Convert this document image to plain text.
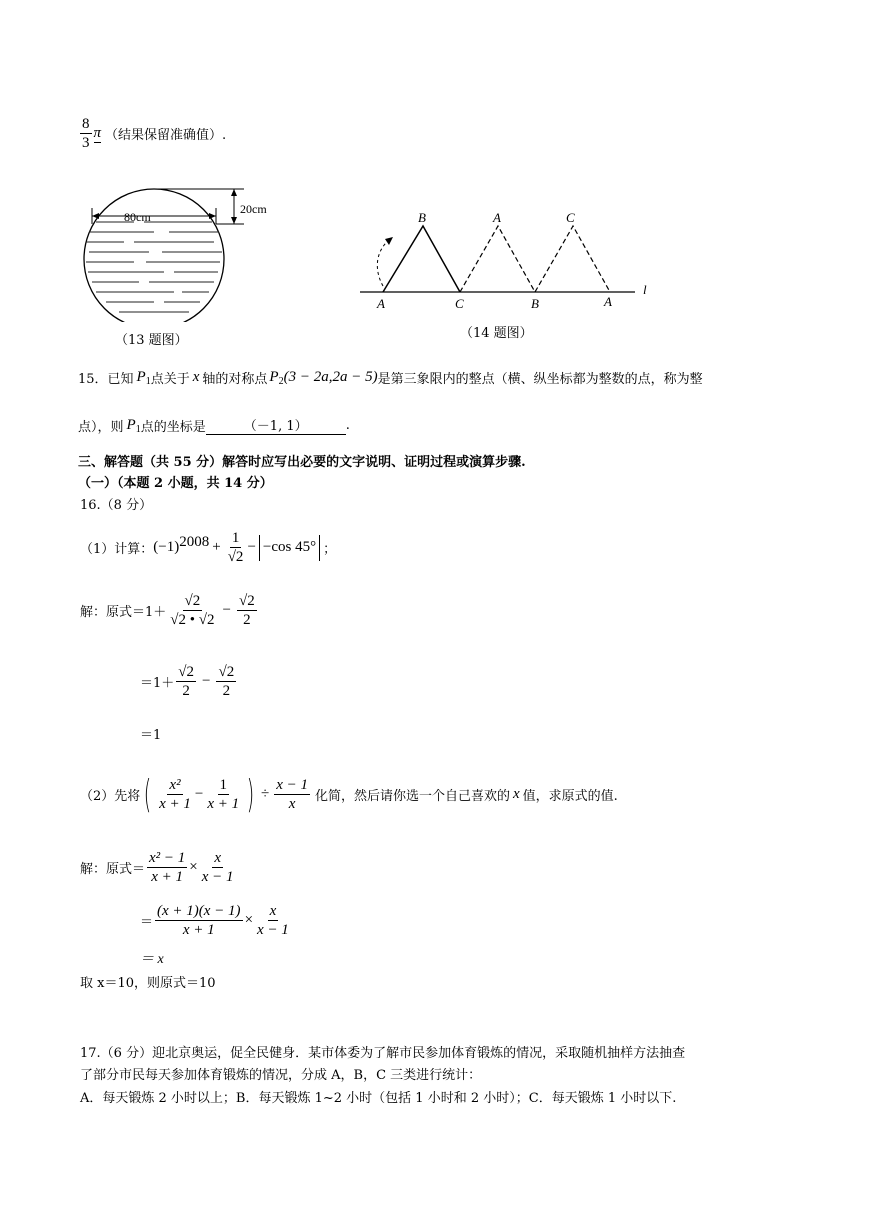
$\frac{8}{3}$ π （结果保留准确值）.
80cm
20cm
（13 题图）
B	A	C
A	C	B	A
l
（14 题图）
15．已知 P 1 点关于 x 轴的对称点 P 2 (3 − 2a,2a − 5) 是第三象限内的整点（横、纵坐标都为整数的点，称为整
点），则 P 1 点的坐标是	（－1, 1）	.
三、解答题（共 55 分）解答时应写出必要的文字说明、证明过程或演算步骤.
（一）（本题 2 小题，共 14 分）
16.（8 分）
（1）计算： (−1) $2008 + \frac{1}{√2} - -\cos$ 45° ；
解：原式$=1+ \frac{√2}{√2 • √2} - \frac{√2}{2}$
$=1+ \frac{√2}{2} - \frac{√2}{2}$
＝1
（2）先将 ( $\frac{\text{x²}}{x + 1} - \frac{1}{x + 1}$ ) ÷ $\frac{x - 1}{x}$ 化简，然后请你选一个自己喜欢的 x 值，求原式的值.
解：原式＝ $\frac{\text{x² − 1}}{x + 1} \times \frac{x}{x - 1}$
＝ $\frac{(x + 1)(x - 1)}{x + 1} \times \frac{x}{x - 1}$
＝ x
取 x＝10，则原式＝10
17.（6 分）迎北京奥运，促全民健身．某市体委为了解市民参加体育锻炼的情况，采取随机抽样方法抽查
了部分市民每天参加体育锻炼的情况，分成 A，B，C 三类进行统计：
A．每天锻炼 2 小时以上；B．每天锻炼 1~2 小时（包括 1 小时和 2 小时）；C．每天锻炼 1 小时以下.
